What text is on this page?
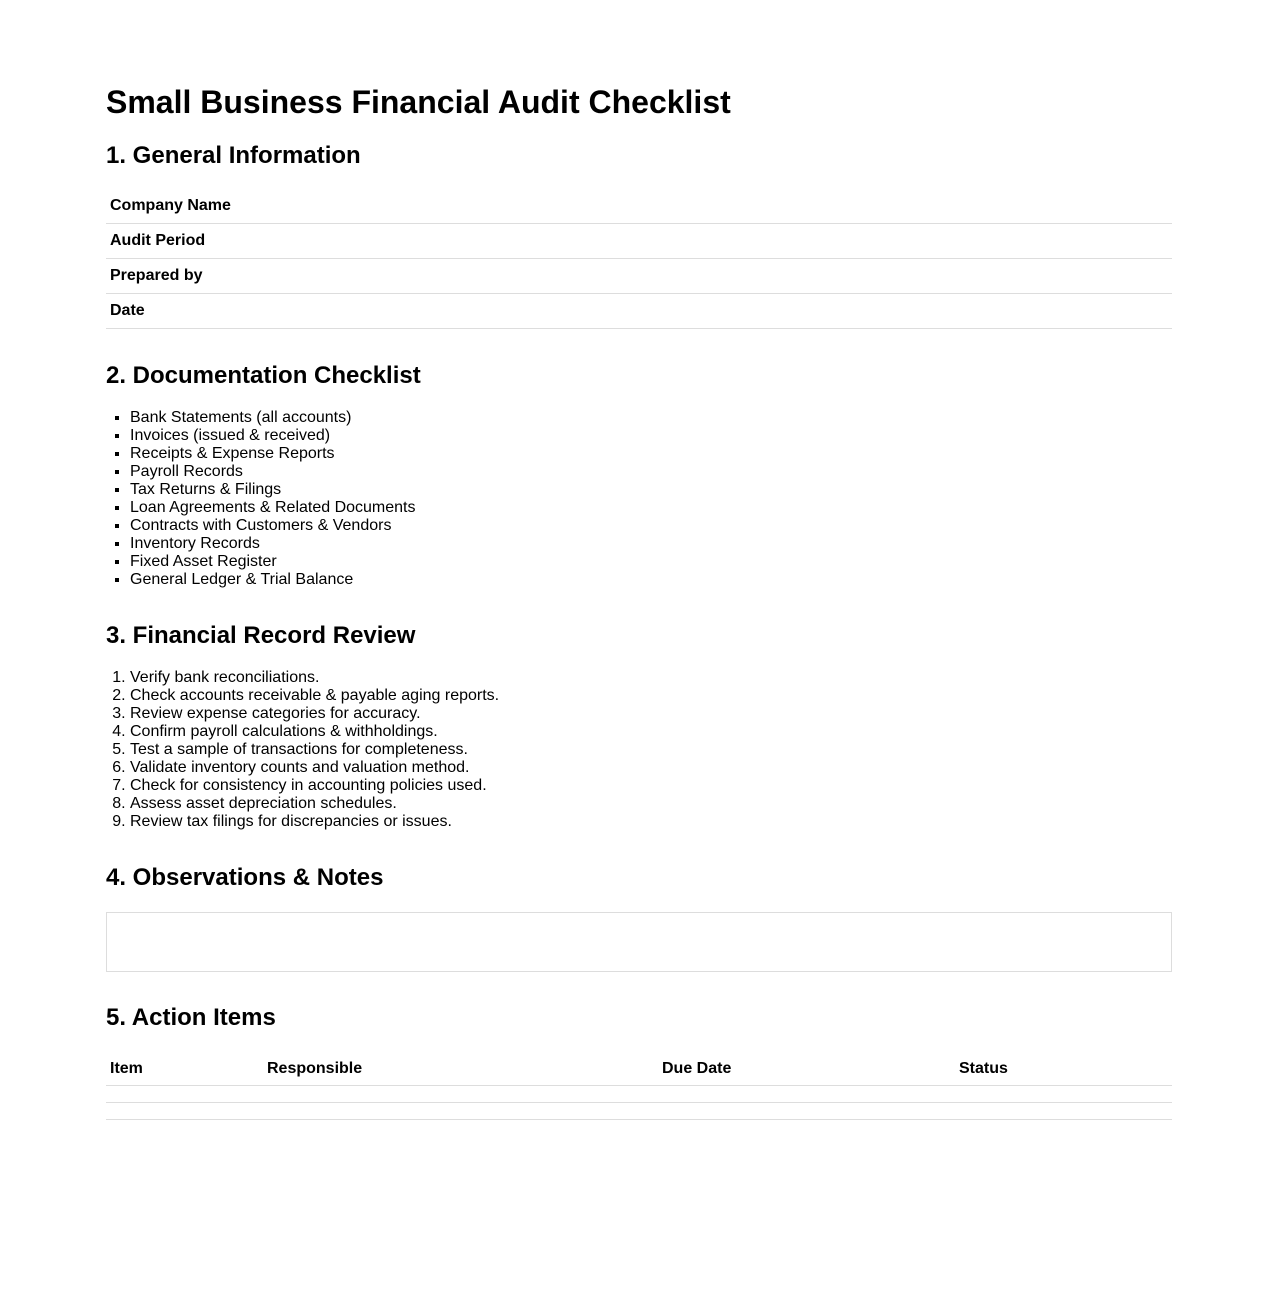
Small Business Financial Audit Checklist
1. General Information
Company Name
Audit Period
Prepared by
Date
2. Documentation Checklist
▪ Bank Statements (all accounts)
▪ Invoices (issued & received)
▪ Receipts & Expense Reports
▪ Payroll Records
▪ Tax Returns & Filings
▪ Loan Agreements & Related Documents
▪ Contracts with Customers & Vendors
▪ Inventory Records
▪ Fixed Asset Register
▪ General Ledger & Trial Balance
3. Financial Record Review
1. Verify bank reconciliations.
2. Check accounts receivable & payable aging reports.
3. Review expense categories for accuracy.
4. Confirm payroll calculations & withholdings.
5. Test a sample of transactions for completeness.
6. Validate inventory counts and valuation method.
7. Check for consistency in accounting policies used.
8. Assess asset depreciation schedules.
9. Review tax filings for discrepancies or issues.
4. Observations & Notes
5. Action Items
Item	Responsible	Due Date	Status
